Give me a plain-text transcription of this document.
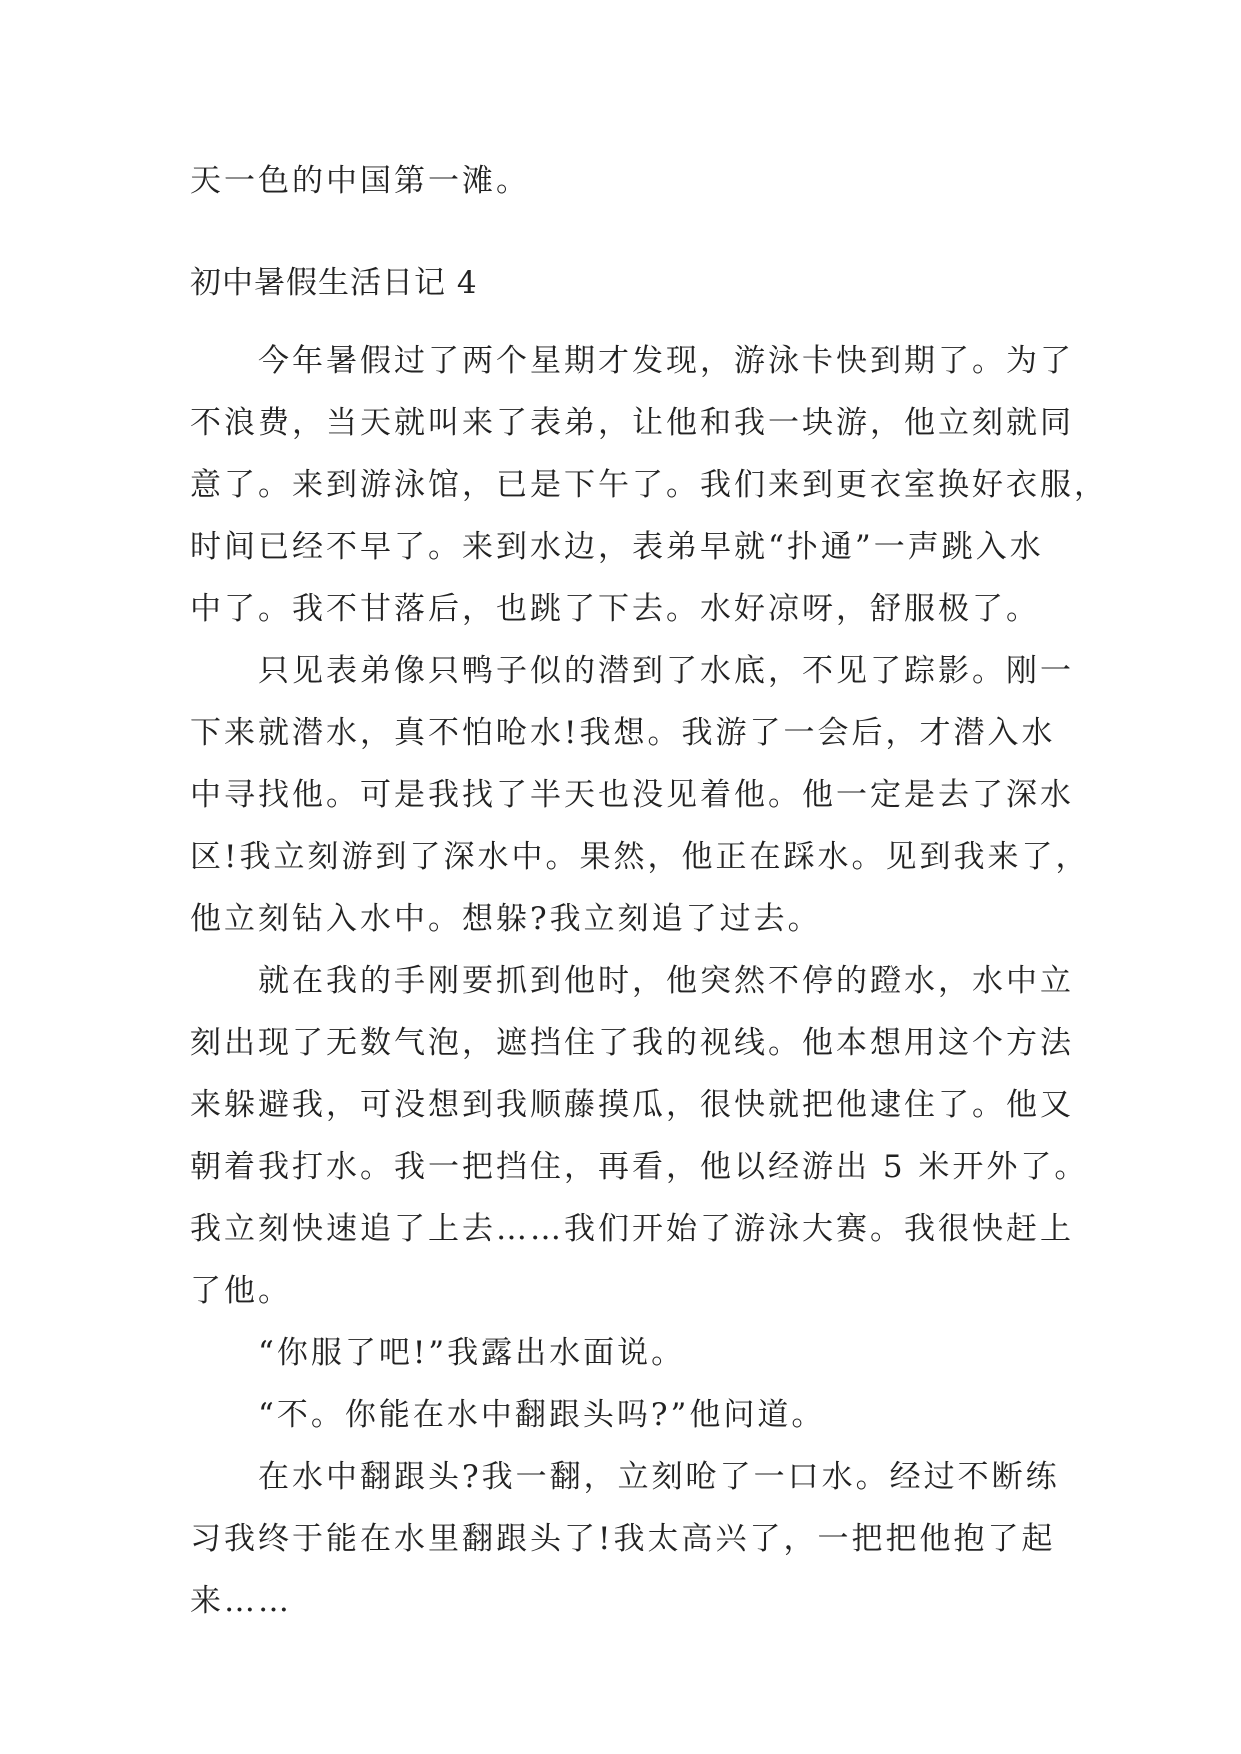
天一色的中国第一滩。
初中暑假生活日记 4
今年暑假过了两个星期才发现，游泳卡快到期了。为了
不浪费，当天就叫来了表弟，让他和我一块游，他立刻就同
意了。来到游泳馆，已是下午了。我们来到更衣室换好衣服，
时间已经不早了。来到水边，表弟早就“扑通”一声跳入水
中了。我不甘落后，也跳了下去。水好凉呀，舒服极了。
只见表弟像只鸭子似的潜到了水底，不见了踪影。刚一
下来就潜水，真不怕呛水!我想。我游了一会后，才潜入水
中寻找他。可是我找了半天也没见着他。他一定是去了深水
区!我立刻游到了深水中。果然，他正在踩水。见到我来了，
他立刻钻入水中。想躲?我立刻追了过去。
就在我的手刚要抓到他时，他突然不停的蹬水，水中立
刻出现了无数气泡，遮挡住了我的视线。他本想用这个方法
来躲避我，可没想到我顺藤摸瓜，很快就把他逮住了。他又
朝着我打水。我一把挡住，再看，他以经游出 5 米开外了。
我立刻快速追了上去……我们开始了游泳大赛。我很快赶上
了他。
“你服了吧!”我露出水面说。
“不。你能在水中翻跟头吗?”他问道。
在水中翻跟头?我一翻，立刻呛了一口水。经过不断练
习我终于能在水里翻跟头了!我太高兴了，一把把他抱了起
来……
